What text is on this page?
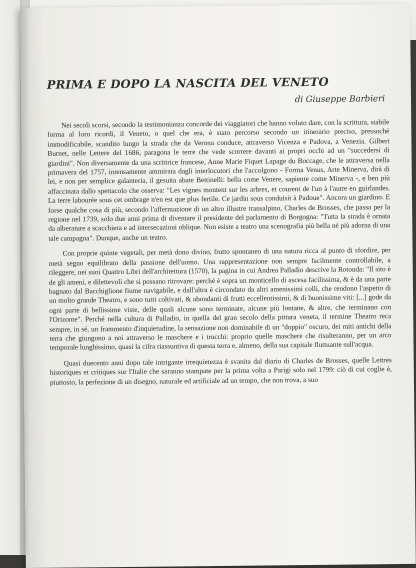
PRIMA E DOPO LA NASCITA DEL VENETO
di Giuseppe Barbieri

Nei secoli scorsi, secondo la testimonianza concorde dei viaggiatori che hanno voluto dare, con la scrittura, stabile forma al loro ricordi, il Veneto, o quel che era, è stato percorso secondo un itinerario preciso, pressoché immodificabile, scandito lungo la strada che da Verona conduce, attraverso Vicenza e Padova, a Venezia. Gilbert Burnet, nelle Lettere del 1686, paragona le terre che vede scorrere davanti ai propri occhi ad un "succedersi di giardini". Non diversamente da una scrittrice francese, Anne Marie Fiquet Lapage du Boccage, che le attraversa nella primavera del 1757, intensamente ammirata dagli interlocutori che l'accolgono - Forma Venus, Arte Minerva, dirà di lei, e non per semplice galanteria, il gesuita abate Bettinelli: bella come Venere, sapiente come Minerva -, e ben più affaccinata dallo spettacolo che osserva: "Les vignes montent sur les arbres, et courent de l'un à l'autre en guirlandes. La terre labourée sous cet ombrage n'en est que plus fertile. Ce jardin sous conduisit à Padoue". Ancora un giardino. E forse qualche cosa di più, secondo l'affermazione di un altro illustre transalpino, Charles de Brosses, che passa per la regione nel 1739, solo due anni prima di diventare il presidente del parlamento di Borgogna: "Tutta la strada è ornata da alberature a scacchiera e ad intersecazioni oblique. Non esiste a teatro una scenografia più bella né più adorna di una tale campagna". Dunque, anche un teatro.

Con proprie quinte vegetali, per metà dono divino, frutto spontaneo di una natura ricca al punto di sfordire, per metà segno equilibrato della passione dell'uomo. Una rappresentazione non sempre facilmente controllabile, a rileggere, nei suoi Quattro Libri dell'architettura (1570), la pagina in cui Andrea Palladio descrive la Rotonda: "Il sito è de gli ameni, e dilettevoli che si possano ritrovare: perché è sopra un monticello di ascesa facilissima, & è da una parte bagnato dal Bacchiglione fiume navigabile, e dall'altra è circondato da altri amenissimi colli, che rendono l'aspetto di un molto grande Theatro, e sono tutti coltivati, & abondanti di frutti eccellentissimi, & di buonissime viti: [...] gode da ogni parte di bellissime viste, delle quali alcune sono terminate, alcune più lontane, & altre, che terminano con l'Orizonte". Perché nella cultura di Palladio, in quella del gran secolo della pittura veneta, il termine Theatro reca sempre, in sé, un frammento d'inquietudine, la sensazione non dominabile di un "doppio" oscuro, dei miti antichi della terra che giungono a noi attraverso le maschere e i trucchi: proprio quelle maschere che risulteranno, per un arco temporale lunghissimo, quasi la cifra riassuntiva di questa terra e, almeno, della sua capitale fluttuante sull'acqua.

Quasi duecento anni dopo tale intrigante irrequietezza è svanita dal diario di Charles de Brosses, quelle Lettres historiques et critiques sur l'Italie che saranno stampate per la prima volta a Parigi solo nel 1799: ciò di cui coglie è, piuttosto, la perfezione di un disegno, naturale ed artificiale ad un tempo, che non trova, a suo
